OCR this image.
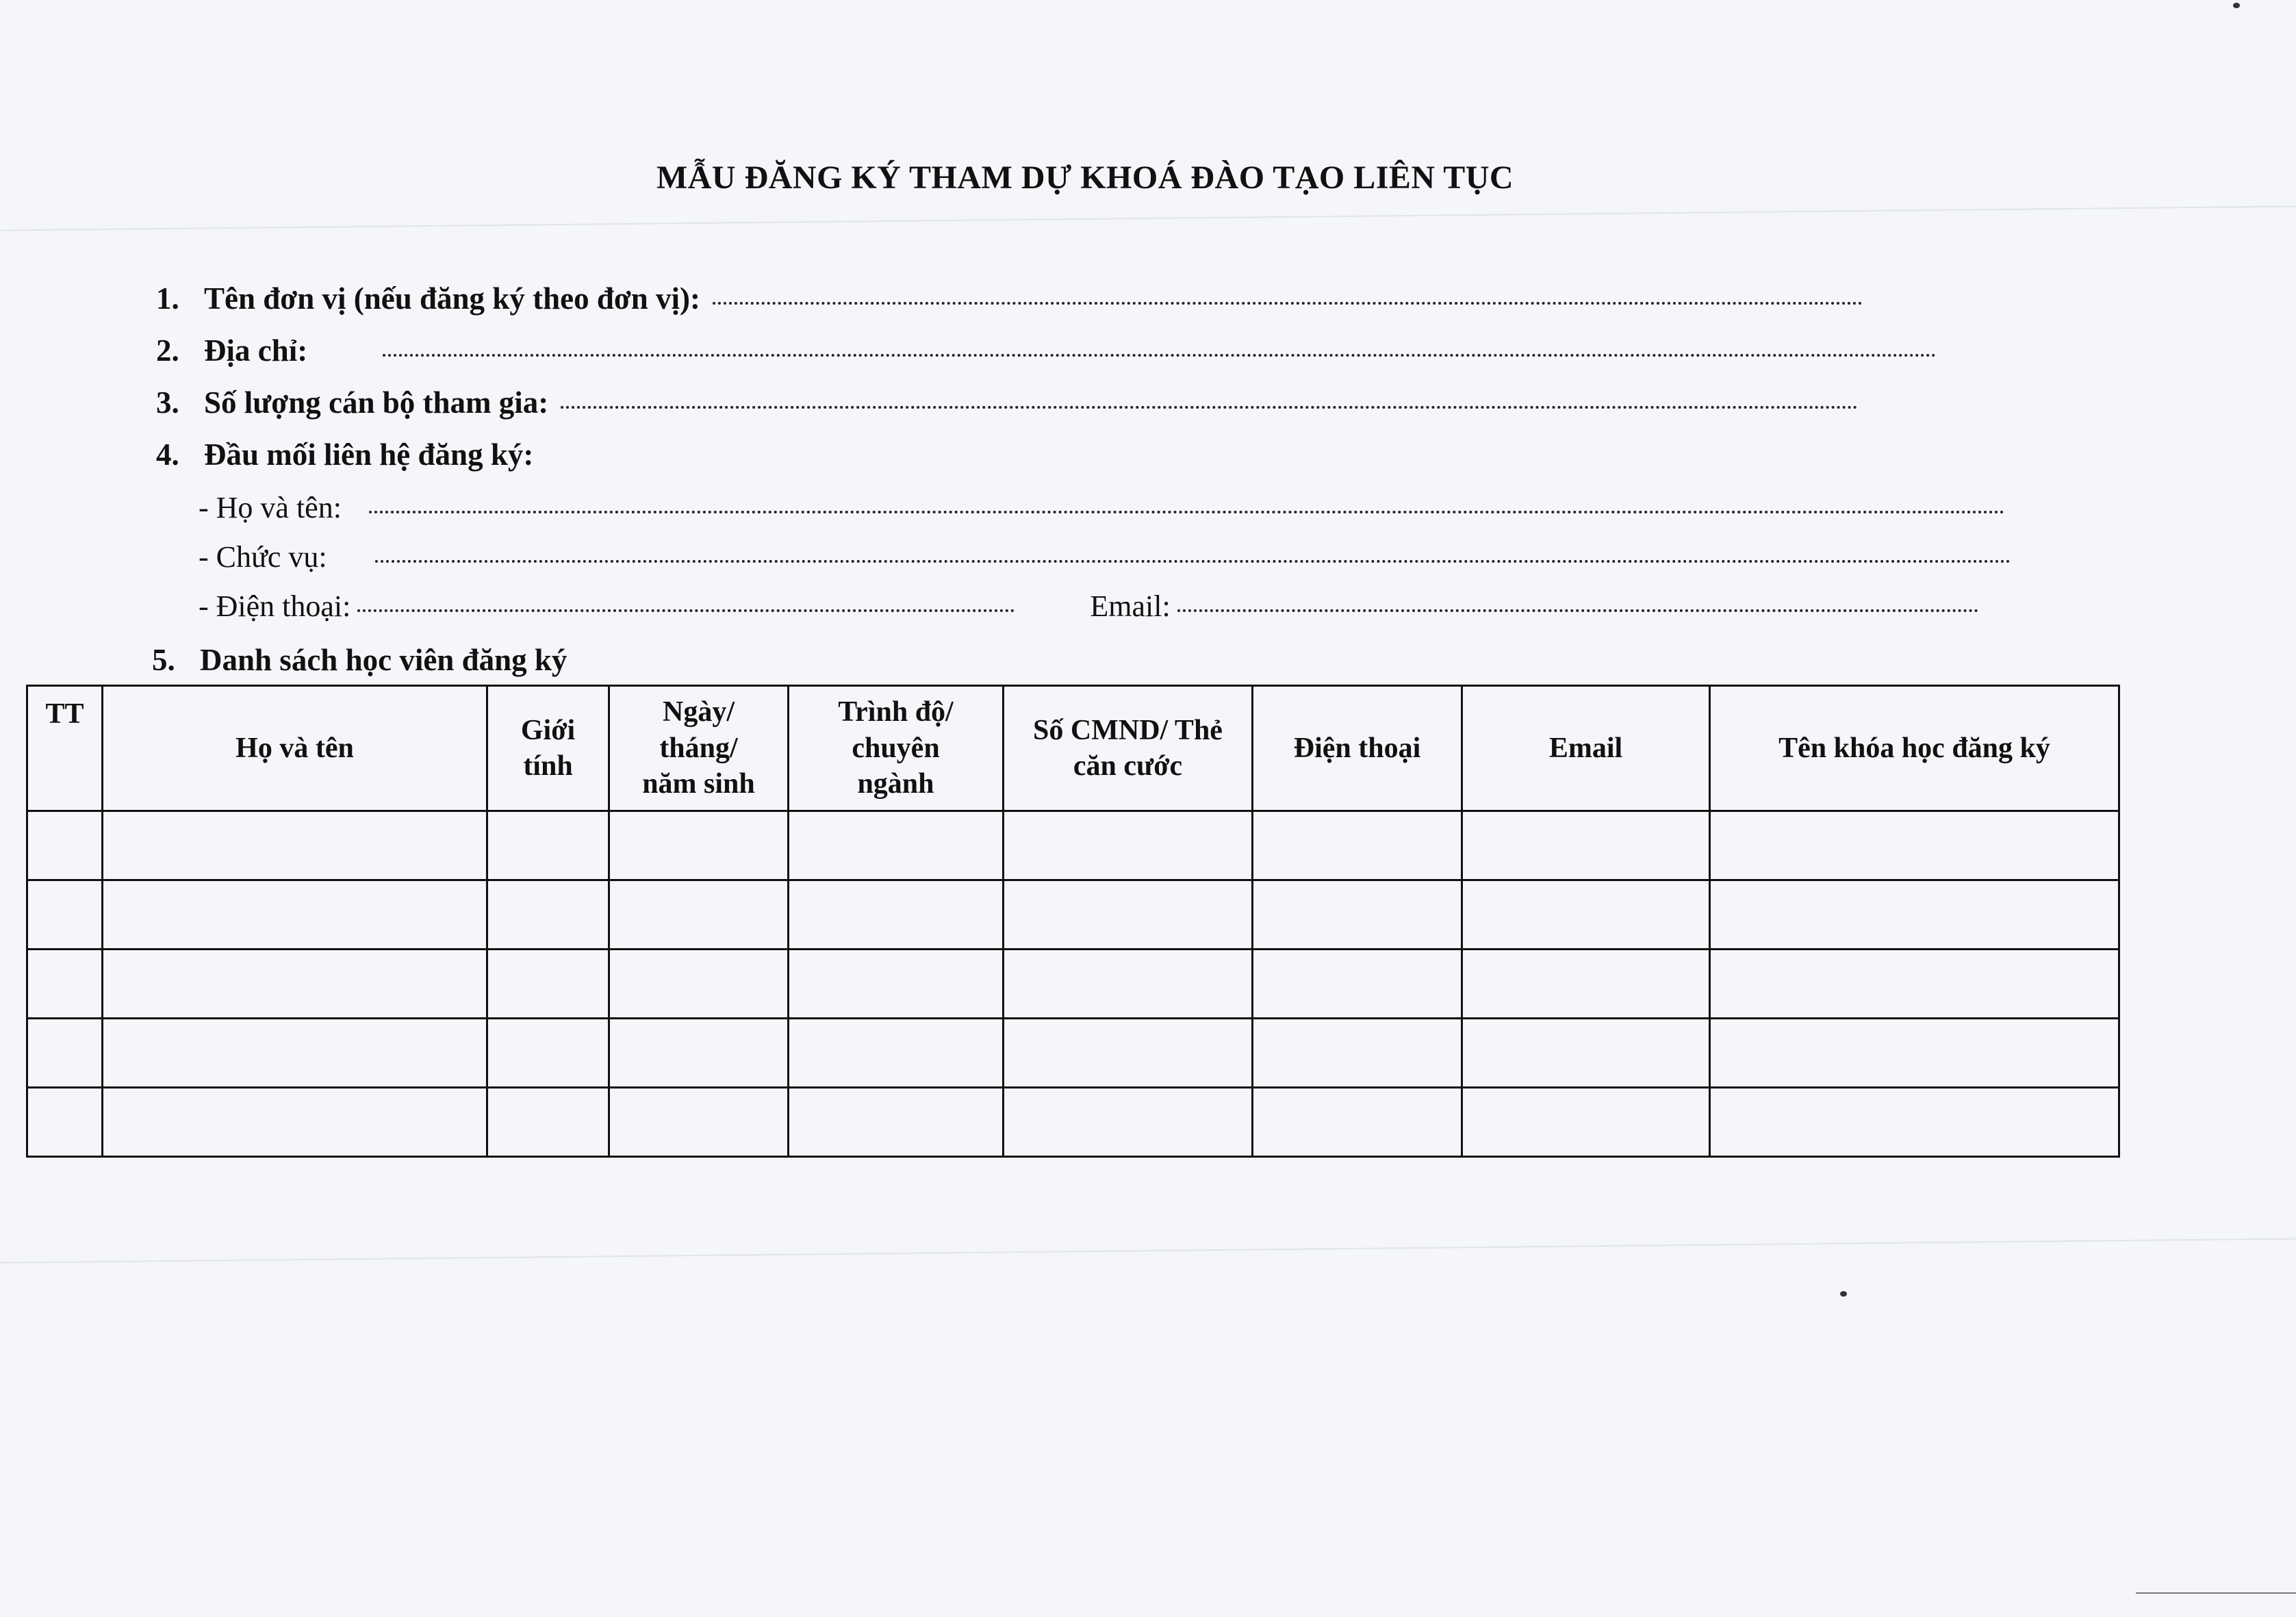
MẪU ĐĂNG KÝ THAM DỰ KHOÁ ĐÀO TẠO LIÊN TỤC
1. Tên đơn vị (nếu đăng ký theo đơn vị):
2. Địa chỉ:
3. Số lượng cán bộ tham gia:
4. Đầu mối liên hệ đăng ký:
- Họ và tên:
- Chức vụ:
- Điện thoại:	Email:
5. Danh sách học viên đăng ký
TT	Họ và tên	Giới tính	Ngày/ tháng/ năm sinh	Trình độ/ chuyên ngành	Số CMND/ Thẻ căn cước	Điện thoại	Email	Tên khóa học đăng ký
